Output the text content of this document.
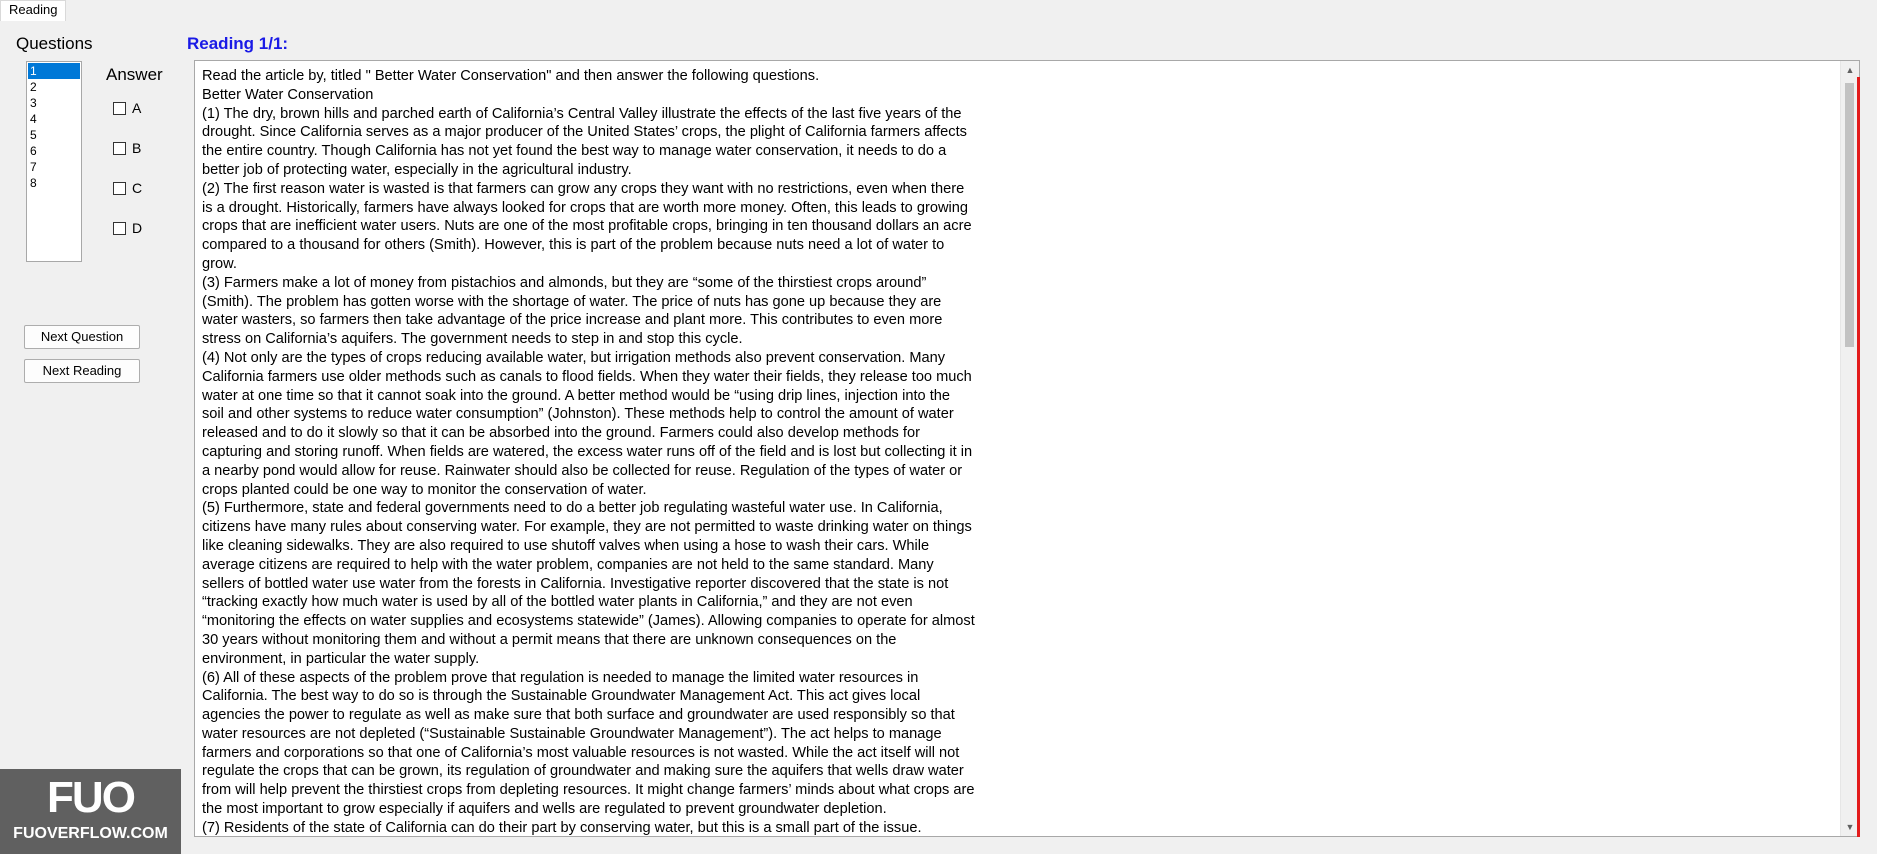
Reading
Questions
1
2
3
4
5
6
7
8
Answer
A
B
C
D
Next Question
Next Reading
Reading 1/1:
Read the article by, titled " Better Water Conservation" and then answer the following questions.
Better Water Conservation
(1) The dry, brown hills and parched earth of California’s Central Valley illustrate the effects of the last five years of the
drought. Since California serves as a major producer of the United States’ crops, the plight of California farmers affects
the entire country. Though California has not yet found the best way to manage water conservation, it needs to do a
better job of protecting water, especially in the agricultural industry.
(2) The first reason water is wasted is that farmers can grow any crops they want with no restrictions, even when there
is a drought. Historically, farmers have always looked for crops that are worth more money. Often, this leads to growing
crops that are inefficient water users. Nuts are one of the most profitable crops, bringing in ten thousand dollars an acre
compared to a thousand for others (Smith). However, this is part of the problem because nuts need a lot of water to
grow.
(3) Farmers make a lot of money from pistachios and almonds, but they are “some of the thirstiest crops around”
(Smith). The problem has gotten worse with the shortage of water. The price of nuts has gone up because they are
water wasters, so farmers then take advantage of the price increase and plant more. This contributes to even more
stress on California’s aquifers. The government needs to step in and stop this cycle.
(4) Not only are the types of crops reducing available water, but irrigation methods also prevent conservation. Many
California farmers use older methods such as canals to flood fields. When they water their fields, they release too much
water at one time so that it cannot soak into the ground. A better method would be “using drip lines, injection into the
soil and other systems to reduce water consumption” (Johnston). These methods help to control the amount of water
released and to do it slowly so that it can be absorbed into the ground. Farmers could also develop methods for
capturing and storing runoff. When fields are watered, the excess water runs off of the field and is lost but collecting it in
a nearby pond would allow for reuse. Rainwater should also be collected for reuse. Regulation of the types of water or
crops planted could be one way to monitor the conservation of water.
(5) Furthermore, state and federal governments need to do a better job regulating wasteful water use. In California,
citizens have many rules about conserving water. For example, they are not permitted to waste drinking water on things
like cleaning sidewalks. They are also required to use shutoff valves when using a hose to wash their cars. While
average citizens are required to help with the water problem, companies are not held to the same standard. Many
sellers of bottled water use water from the forests in California. Investigative reporter discovered that the state is not
“tracking exactly how much water is used by all of the bottled water plants in California,” and they are not even
“monitoring the effects on water supplies and ecosystems statewide” (James). Allowing companies to operate for almost
30 years without monitoring them and without a permit means that there are unknown consequences on the
environment, in particular the water supply.
(6) All of these aspects of the problem prove that regulation is needed to manage the limited water resources in
California. The best way to do so is through the Sustainable Groundwater Management Act. This act gives local
agencies the power to regulate as well as make sure that both surface and groundwater are used responsibly so that
water resources are not depleted (“Sustainable Sustainable Groundwater Management”). The act helps to manage
farmers and corporations so that one of California’s most valuable resources is not wasted. While the act itself will not
regulate the crops that can be grown, its regulation of groundwater and making sure the aquifers that wells draw water
from will help prevent the thirstiest crops from depleting resources. It might change farmers’ minds about what crops are
the most important to grow especially if aquifers and wells are regulated to prevent groundwater depletion.
(7) Residents of the state of California can do their part by conserving water, but this is a small part of the issue.
▲
▼
FUO
FUOVERFLOW.COM
